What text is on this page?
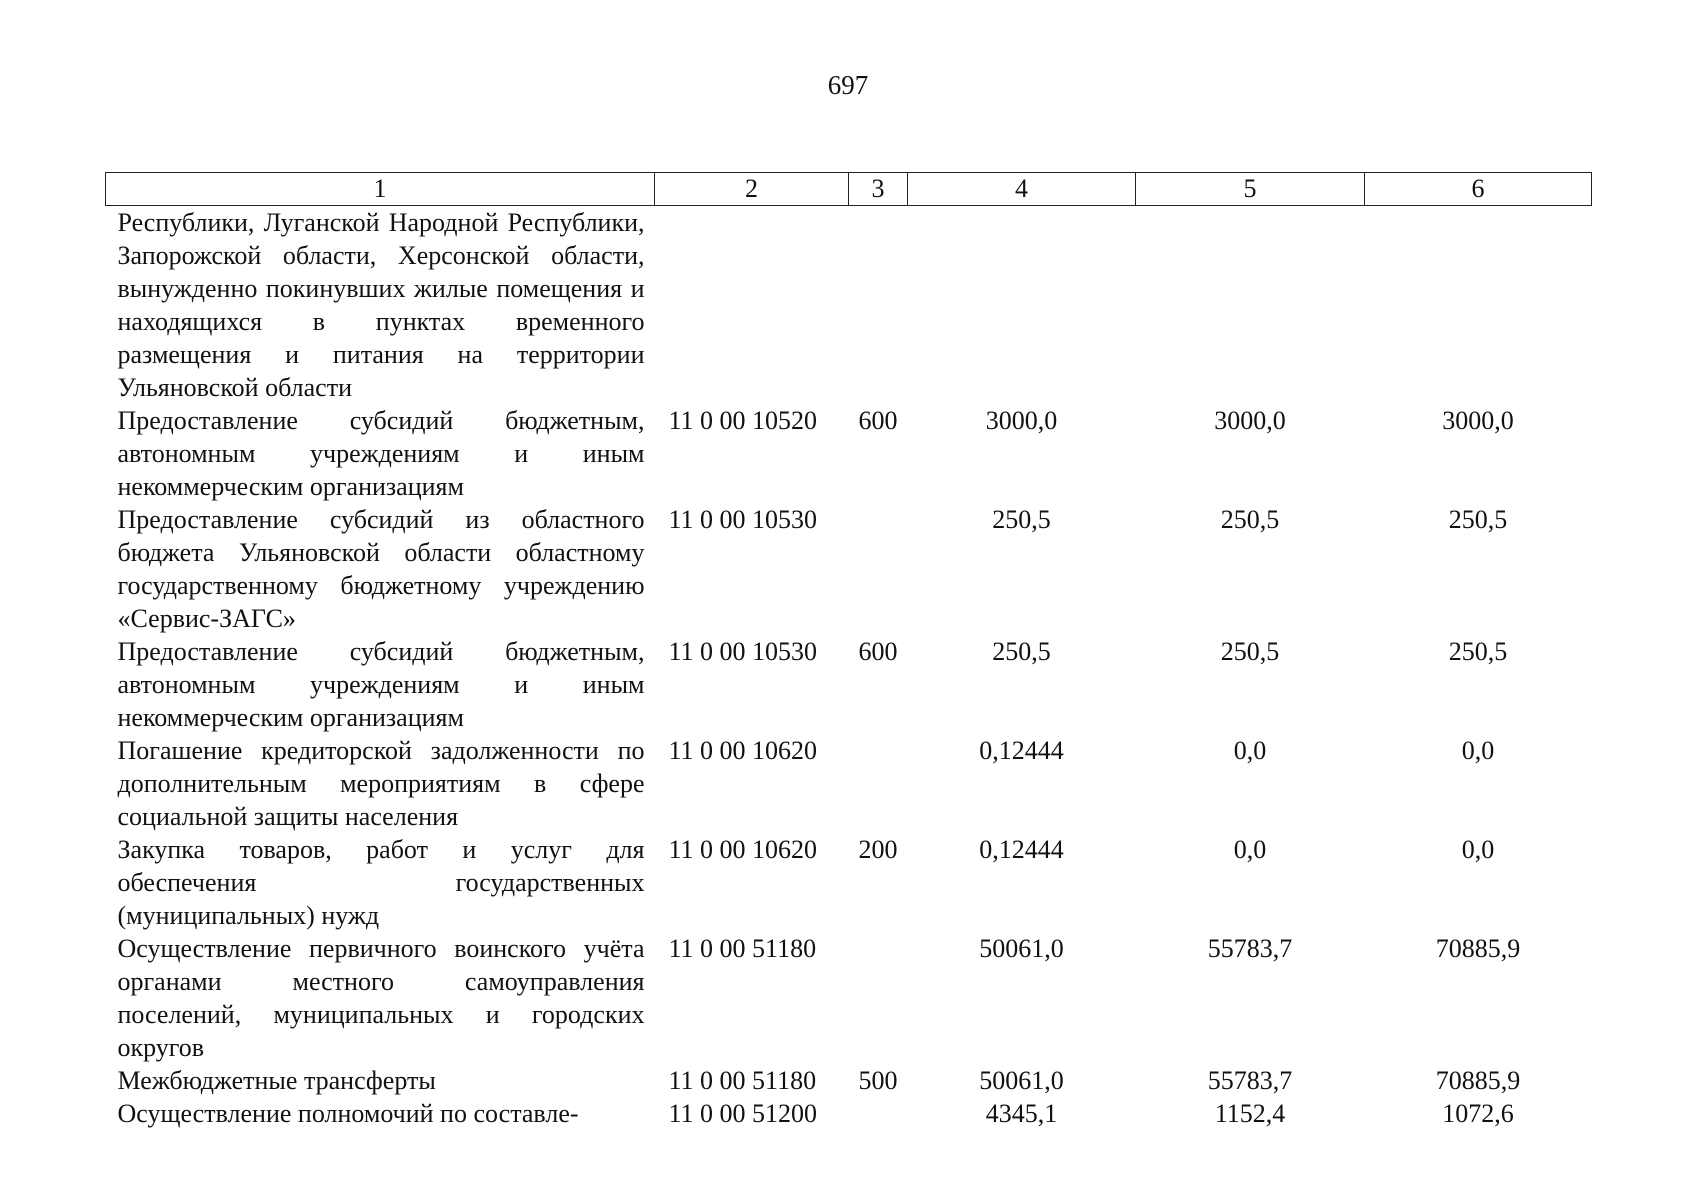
697
1	2	3	4	5	6
Республики, Луганской Народной Республики, Запорожской области, Херсонской области, вынужденно покинувших жилые помещения и находящихся в пунктах временного размещения и питания на территории Ульяновской области					
Предоставление субсидий бюджетным, автономным учреждениям и иным некоммерческим организациям	11 0 00 10520	600	3000,0	3000,0	3000,0
Предоставление субсидий из областного бюджета Ульяновской области областному государственному бюджетному учреждению «Сервис-ЗАГС»	11 0 00 10530		250,5	250,5	250,5
Предоставление субсидий бюджетным, автономным учреждениям и иным некоммерческим организациям	11 0 00 10530	600	250,5	250,5	250,5
Погашение кредиторской задолженности по дополнительным мероприятиям в сфере социальной защиты населения	11 0 00 10620		0,12444	0,0	0,0
Закупка товаров, работ и услуг для обеспечения государственных (муниципальных) нужд	11 0 00 10620	200	0,12444	0,0	0,0
Осуществление первичного воинского учёта органами местного самоуправления поселений, муниципальных и городских округов	11 0 00 51180		50061,0	55783,7	70885,9
Межбюджетные трансферты	11 0 00 51180	500	50061,0	55783,7	70885,9
Осуществление полномочий по составле-	11 0 00 51200		4345,1	1152,4	1072,6
